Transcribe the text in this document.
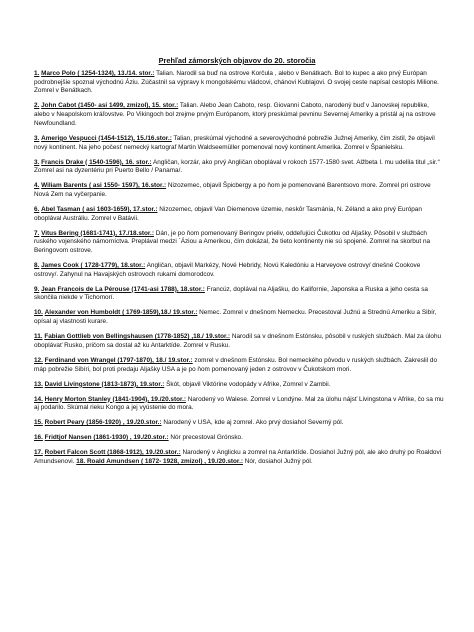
Prehľad zámorských objavov do 20. storočia
1. Marco Polo ( 1254-1324), 13./14. stor.: Talian. Narodil sa buď na ostrove Korčula , alebo v Benátkach. Bol to kupec a ako prvý Európan podrobnejšie spoznal východnú Áziu. Zúčastnil sa výpravy k mongolskému vládcovi, chánovi Kublajovi. O svojej ceste napísal cestopis Milione. Zomrel v Benátkach.
2. John Cabot (1450- asi 1499, zmizol), 15. stor.: Talian. Alebo Jean Caboto, resp. Giovanni Caboto, narodený buď v Janovskej republike, alebo v Neapolskom kráľovstve. Po Vikingoch bol zrejme prvým Európanom, ktorý preskúmal pevninu Severnej Ameriky a pristál aj na ostrove Newfoundland.
3. Amerigo Vespucci (1454-1512), 15./16.stor.: Talian, preskúmal východné a severovýchodné pobrežie Južnej Ameriky, čím zistil, že objavil nový kontinent. Na jeho počesť nemecký kartograf Martin Waldseemüller pomenoval nový kontinent Amerika. Zomrel v Španielsku.
3. Francis Drake ( 1540-1596), 16. stor.: Angličan, korzár, ako prvý Angličan oboplával v rokoch 1577-1580 svet. Alžbeta I. mu udelila titul „sir.“ Zomrel asi na dyzentériu pri Puerto Bello / Panama/.
4. Wiliam Barents ( asi 1550- 1597), 16.stor.: Nizozemec, objavil Špicbergy a po ňom je pomenované Barentsovo more. Zomrel pri ostrove Nová Zem na vyčerpanie.
6. Abel Tasman ( asi 1603-1659), 17.stor.: Nizozemec, objavil Van Diemenove územie, neskôr Tasmánia, N. Zéland a ako prvý Európan oboplával Austráliu. Zomrel v Batávii.
7. Vitus Bering (1681-1741), 17./18.stor.: Dán, je po ňom pomenovaný Beringov prieliv, oddeľujúci Čukotku od Aljašky. Pôsobil v službách ruského vojenského námorníctva. Preplával medzi ´Áziou a Amerikou, čím dokázal, že tieto kontinenty nie sú spojené. Zomrel na skorbut na Beringovom ostrove.
8. James Cook ( 1728-1779), 18.stor.: Angličan, objavil Markézy, Nové Hebridy, Novú Kaledóniu a Harveyove ostrovy/ dnešné Cookove ostrovy/. Zahynul na Havajských ostrovoch rukami domorodcov.
9. Jean Francois de La Pérouse (1741-asi 1788), 18.stor.: Francúz, doplával na Aljašku, do Kalifornie, Japonska a Ruska a jeho cesta sa skončila niekde v Tichomorí.
10. Alexander von Humboldt ( 1769-1859),18./ 19.stor.: Nemec. Zomrel v dnešnom Nemecku. Precestoval Južnú a Strednú Ameriku a Sibír, opísal aj vlastnosti kurare.
11. Fabian Gottlieb von Bellingshausen (1778-1852) ,18./ 19.stor.: Narodil sa v dnešnom Estónsku, pôsobil v ruských službách. Mal za úlohu oboplávať Rusko, pričom sa dostal až ku Antarktíde. Zomrel v Rusku.
12. Ferdinand von Wrangel (1797-1870), 18./ 19.stor.: zomrel v dnešnom Estónsku. Bol nemeckého pôvodu v ruských službách. Zakreslil do máp pobrežie Sibíri, bol proti predaju Aljašky USA a je po ňom pomenovaný jeden z ostrovov v Čukotskom mori.
13. David Livingstone (1813-1873), 19.stor.: Škót, objavil Viktórine vodopády v Afrike, Zomrel v Zambii.
14. Henry Morton Stanley (1841-1904), 19./20.stor.: Narodený vo Walese. Zomrel v Londýne. Mal za úlohu nájsť Livingstona v Afrike, čo sa mu aj podarilo. Skúmal rieku Kongo a jej vyústenie do mora.
15. Robert Peary (1856-1920) , 19./20.stor.: Narodený v USA, kde aj zomrel. Ako prvý dosiahol Severný pól.
16. Fridtjof Nansen (1861-1930) , 19./20.stor.: Nór precestoval Grónsko.
17. Robert Falcon Scott (1868-1912), 19./20.stor.: Narodený v Anglicku a zomrel na Antarktíde. Dosiahol Južný pól, ale ako druhý po Roaldovi Amundsenovi. 18. Roald Amundsen ( 1872- 1928, zmizol) , 19./20.stor.: Nór, dosiahol Južný pól.
